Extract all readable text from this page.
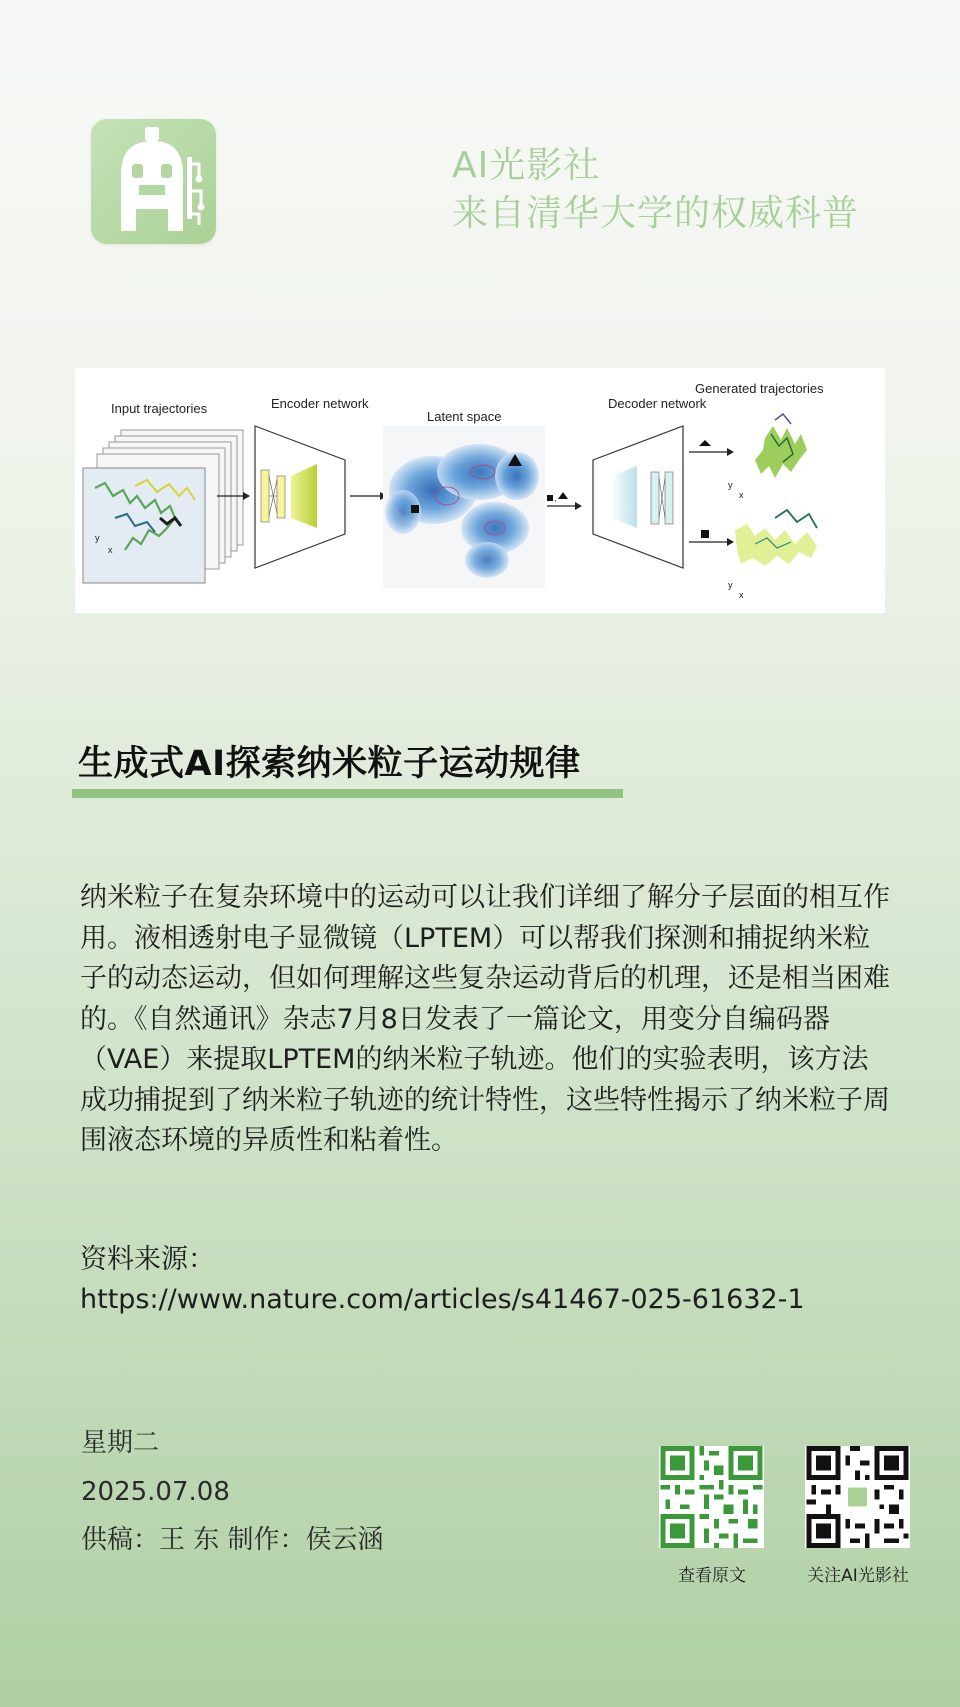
AI光影社
来自清华大学的权威科普
Input trajectories
y
x
Encoder network
Latent space
,
Decoder network
Generated trajectories
y
x
y
x
生成式AI探索纳米粒子运动规律
纳米粒子在复杂环境中的运动可以让我们详细了解分子层面的相互作用。液相透射电子显微镜（LPTEM）可以帮我们探测和捕捉纳米粒子的动态运动，但如何理解这些复杂运动背后的机理，还是相当困难的。《自然通讯》杂志7月8日发表了一篇论文，用变分自编码器（VAE）来提取LPTEM的纳米粒子轨迹。他们的实验表明，该方法成功捕捉到了纳米粒子轨迹的统计特性，这些特性揭示了纳米粒子周围液态环境的异质性和粘着性。
资料来源：
https://www.nature.com/articles/s41467-025-61632-1
星期二
2025.07.08
供稿：王 东 制作：侯云涵
查看原文	关注AI光影社
